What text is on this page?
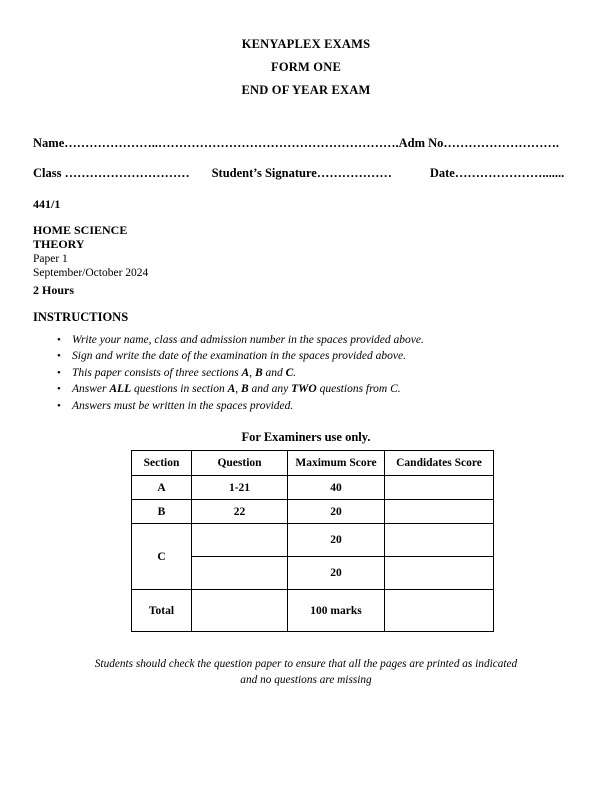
KENYAPLEX EXAMS
FORM ONE
END OF YEAR EXAM
Name…………………..………………………………………………….Adm No……………………….
Class ………………………… Student’s Signature………………	Date………………….......
441/1
HOME SCIENCE
THEORY
Paper 1
September/October 2024
2 Hours
INSTRUCTIONS
• Write your name, class and admission number in the spaces provided above.
• Sign and write the date of the examination in the spaces provided above.
• This paper consists of three sections A, B and C.
• Answer ALL questions in section A, B and any TWO questions from C.
• Answers must be written in the spaces provided.
For Examiners use only.
Section	Question	Maximum Score	Candidates Score
A	1-21	40	
B	22	20	
C		20	
		20	
Total		100 marks	
Students should check the question paper to ensure that all the pages are printed as indicated and no questions are missing
